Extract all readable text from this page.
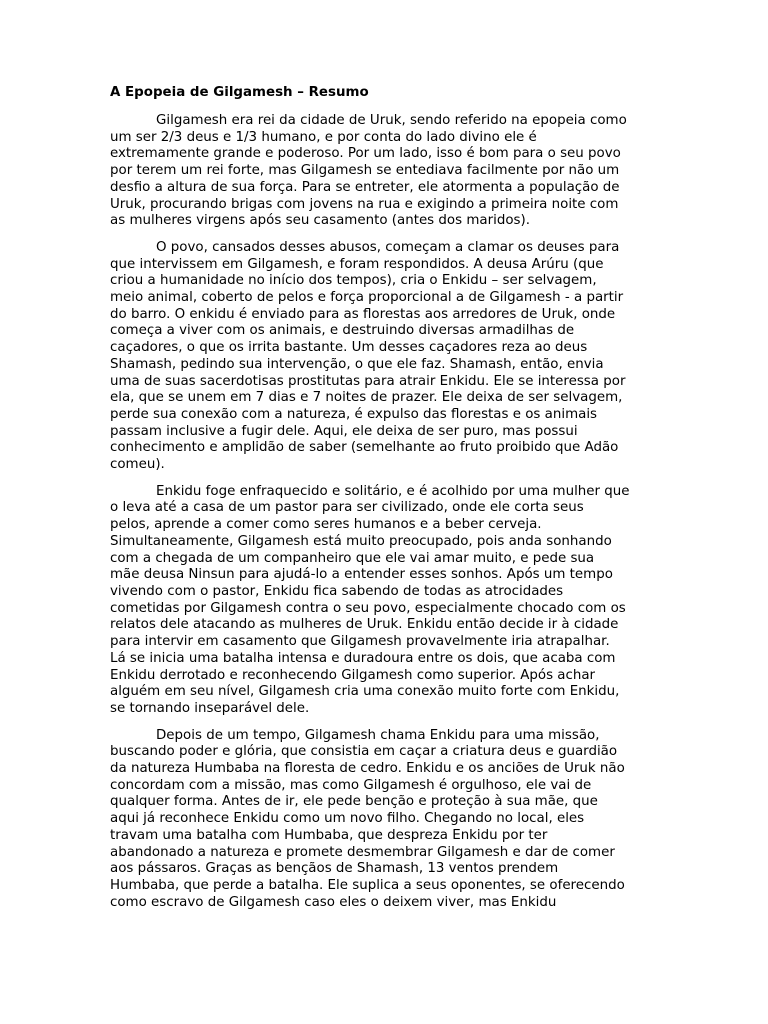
A Epopeia de Gilgamesh – Resumo
Gilgamesh era rei da cidade de Uruk, sendo referido na epopeia como
um ser 2/3 deus e 1/3 humano, e por conta do lado divino ele é
extremamente grande e poderoso. Por um lado, isso é bom para o seu povo
por terem um rei forte, mas Gilgamesh se entediava facilmente por não um
desfio a altura de sua força. Para se entreter, ele atormenta a população de
Uruk, procurando brigas com jovens na rua e exigindo a primeira noite com
as mulheres virgens após seu casamento (antes dos maridos).
O povo, cansados desses abusos, começam a clamar os deuses para
que intervissem em Gilgamesh, e foram respondidos. A deusa Arúru (que
criou a humanidade no início dos tempos), cria o Enkidu – ser selvagem,
meio animal, coberto de pelos e força proporcional a de Gilgamesh - a partir
do barro. O enkidu é enviado para as florestas aos arredores de Uruk, onde
começa a viver com os animais, e destruindo diversas armadilhas de
caçadores, o que os irrita bastante. Um desses caçadores reza ao deus
Shamash, pedindo sua intervenção, o que ele faz. Shamash, então, envia
uma de suas sacerdotisas prostitutas para atrair Enkidu. Ele se interessa por
ela, que se unem em 7 dias e 7 noites de prazer. Ele deixa de ser selvagem,
perde sua conexão com a natureza, é expulso das florestas e os animais
passam inclusive a fugir dele. Aqui, ele deixa de ser puro, mas possui
conhecimento e amplidão de saber (semelhante ao fruto proibido que Adão
comeu).
Enkidu foge enfraquecido e solitário, e é acolhido por uma mulher que
o leva até a casa de um pastor para ser civilizado, onde ele corta seus
pelos, aprende a comer como seres humanos e a beber cerveja.
Simultaneamente, Gilgamesh está muito preocupado, pois anda sonhando
com a chegada de um companheiro que ele vai amar muito, e pede sua
mãe deusa Ninsun para ajudá-lo a entender esses sonhos. Após um tempo
vivendo com o pastor, Enkidu fica sabendo de todas as atrocidades
cometidas por Gilgamesh contra o seu povo, especialmente chocado com os
relatos dele atacando as mulheres de Uruk. Enkidu então decide ir à cidade
para intervir em casamento que Gilgamesh provavelmente iria atrapalhar.
Lá se inicia uma batalha intensa e duradoura entre os dois, que acaba com
Enkidu derrotado e reconhecendo Gilgamesh como superior. Após achar
alguém em seu nível, Gilgamesh cria uma conexão muito forte com Enkidu,
se tornando inseparável dele.
Depois de um tempo, Gilgamesh chama Enkidu para uma missão,
buscando poder e glória, que consistia em caçar a criatura deus e guardião
da natureza Humbaba na floresta de cedro. Enkidu e os anciões de Uruk não
concordam com a missão, mas como Gilgamesh é orgulhoso, ele vai de
qualquer forma. Antes de ir, ele pede benção e proteção à sua mãe, que
aqui já reconhece Enkidu como um novo filho. Chegando no local, eles
travam uma batalha com Humbaba, que despreza Enkidu por ter
abandonado a natureza e promete desmembrar Gilgamesh e dar de comer
aos pássaros. Graças as bençãos de Shamash, 13 ventos prendem
Humbaba, que perde a batalha. Ele suplica a seus oponentes, se oferecendo
como escravo de Gilgamesh caso eles o deixem viver, mas Enkidu
